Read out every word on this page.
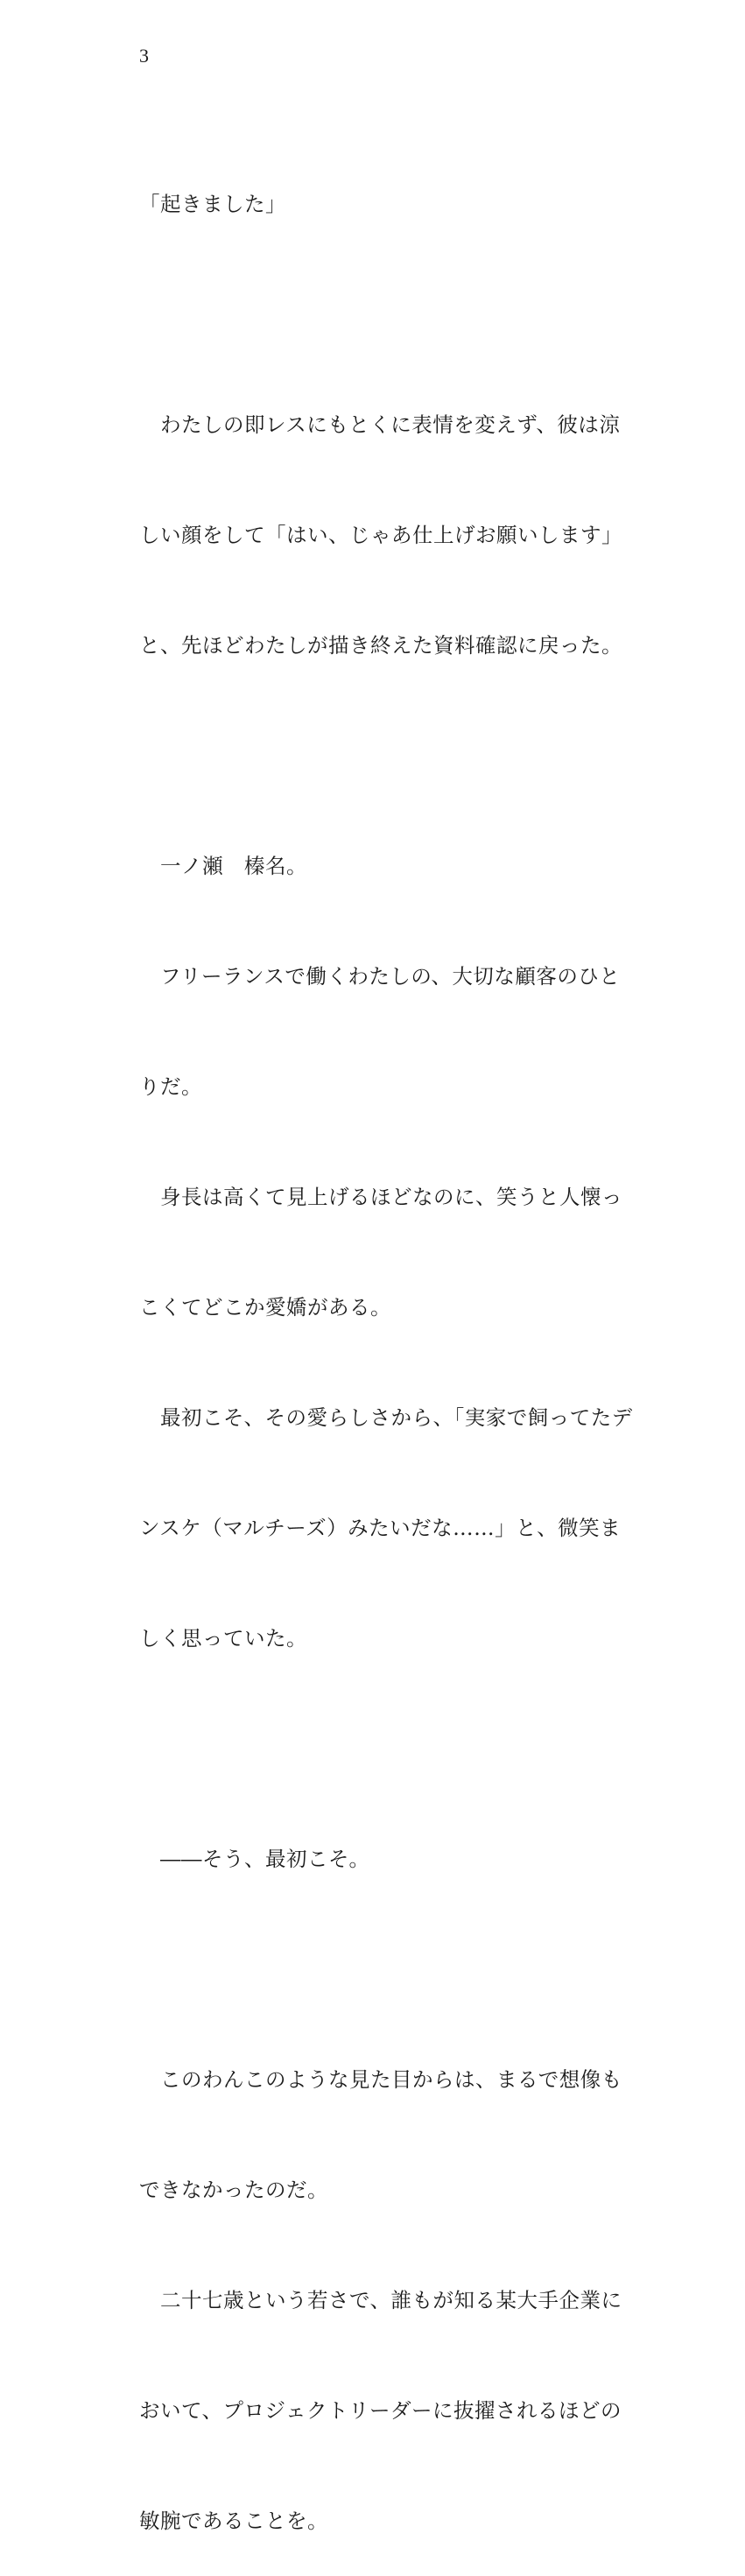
3

「起きました」

　わたしの即レスにもとくに表情を変えず、彼は涼

しい顔をして「はい、じゃあ仕上げお願いします」

と、先ほどわたしが描き終えた資料確認に戻った。

　一ノ瀬　榛名。

　フリーランスで働くわたしの、大切な顧客のひと

りだ。

　身長は高くて見上げるほどなのに、笑うと人懐っ

こくてどこか愛嬌がある。

　最初こそ、その愛らしさから、「実家で飼ってたデ

ンスケ（マルチーズ）みたいだな……」と、微笑ま

しく思っていた。

　――そう、最初こそ。

　このわんこのような見た目からは、まるで想像も

できなかったのだ。

　二十七歳という若さで、誰もが知る某大手企業に

おいて、プロジェクトリーダーに抜擢されるほどの

敏腕であることを。
